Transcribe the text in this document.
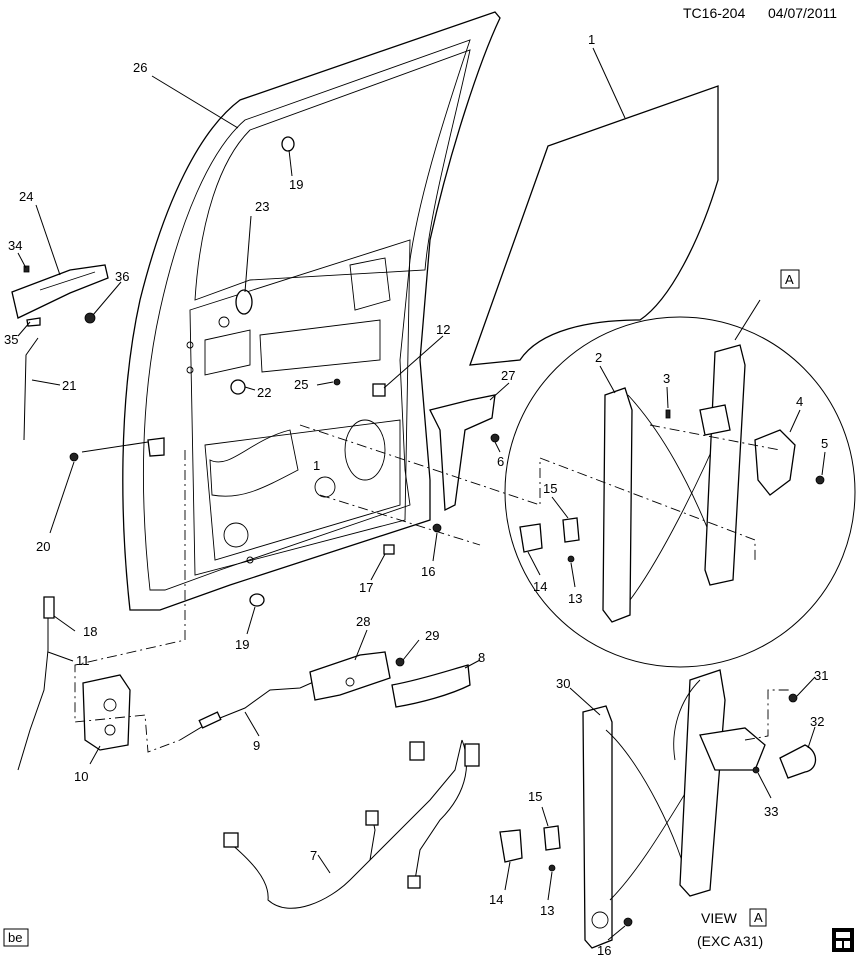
TC16-204 04/07/2011
1
1
2
3
4
5
6
7
8
9
10
11
12
13
13
14
14
15
15
16
16
17
18
19
19
20
21	22
23
24
25
26
27
28
29
30
31
32
33
34
35
36	A
VIEW A
(EXC A31)
be
